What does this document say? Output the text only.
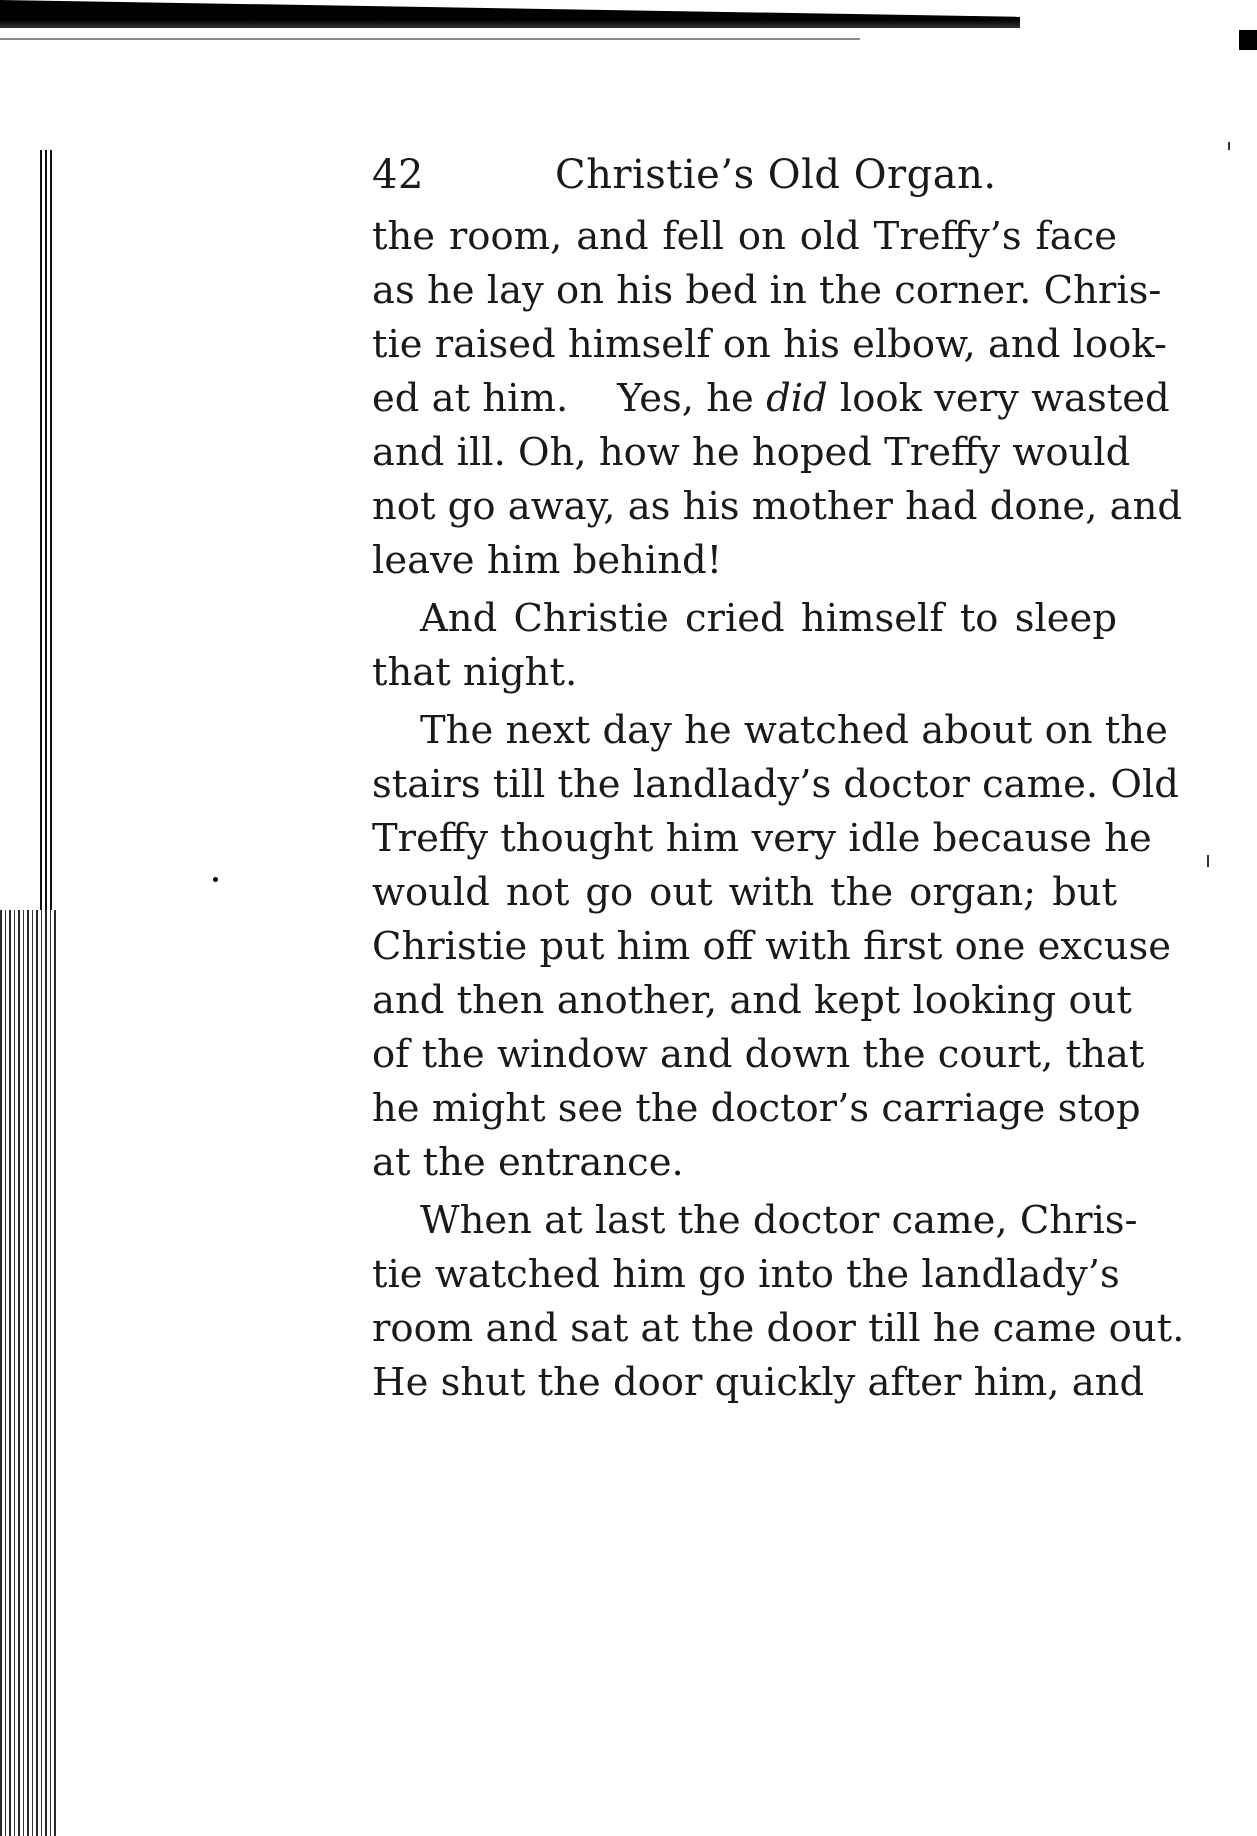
42	Christie’s Old Organ.
the room, and fell on old Treffy’s face
as he lay on his bed in the corner. Chris-
tie raised himself on his elbow, and look-
ed at him. Yes, he did look very wasted
and ill. Oh, how he hoped Treffy would
not go away, as his mother had done, and
leave him behind!
And Christie cried himself to sleep
that night.
The next day he watched about on the
stairs till the landlady’s doctor came. Old
Treffy thought him very idle because he
would not go out with the organ; but
Christie put him off with first one excuse
and then another, and kept looking out
of the window and down the court, that
he might see the doctor’s carriage stop
at the entrance.
When at last the doctor came, Chris-
tie watched him go into the landlady’s
room and sat at the door till he came out.
He shut the door quickly after him, and
